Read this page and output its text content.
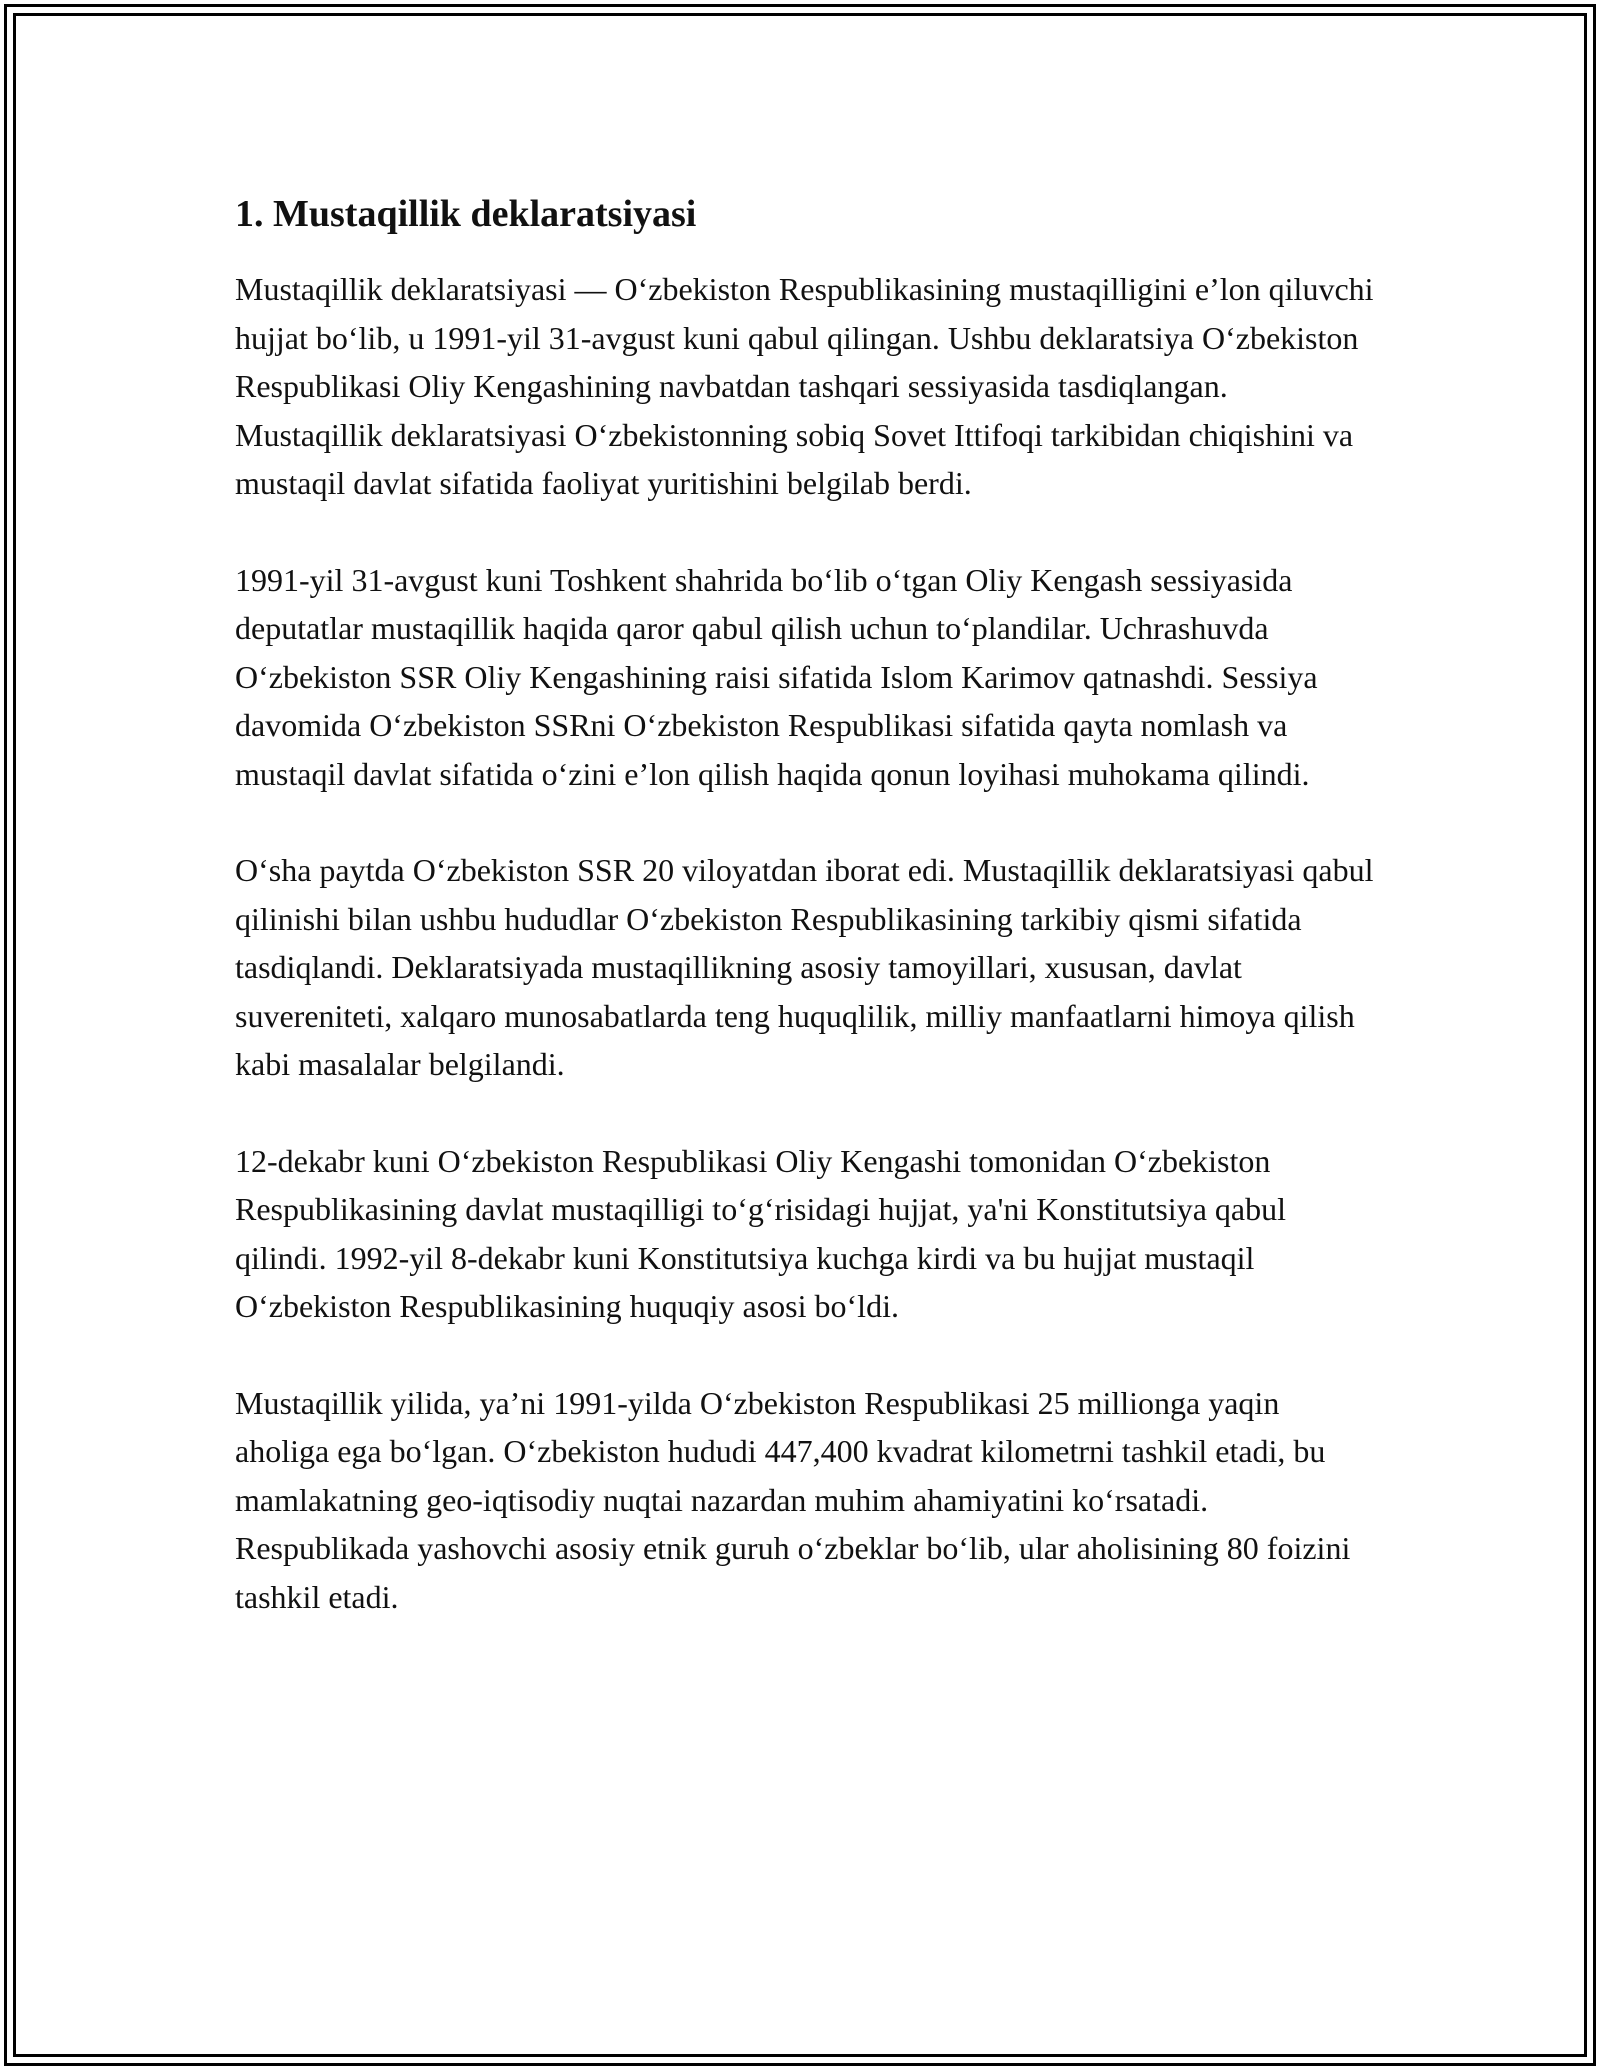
1. Mustaqillik deklaratsiyasi

Mustaqillik deklaratsiyasi — O‘zbekiston Respublikasining mustaqilligini e’lon qiluvchi hujjat bo‘lib, u 1991-yil 31-avgust kuni qabul qilingan. Ushbu deklaratsiya O‘zbekiston Respublikasi Oliy Kengashining navbatdan tashqari sessiyasida tasdiqlangan. Mustaqillik deklaratsiyasi O‘zbekistonning sobiq Sovet Ittifoqi tarkibidan chiqishini va mustaqil davlat sifatida faoliyat yuritishini belgilab berdi.

1991-yil 31-avgust kuni Toshkent shahrida bo‘lib o‘tgan Oliy Kengash sessiyasida deputatlar mustaqillik haqida qaror qabul qilish uchun to‘plandilar. Uchrashuvda O‘zbekiston SSR Oliy Kengashining raisi sifatida Islom Karimov qatnashdi. Sessiya davomida O‘zbekiston SSRni O‘zbekiston Respublikasi sifatida qayta nomlash va mustaqil davlat sifatida o‘zini e’lon qilish haqida qonun loyihasi muhokama qilindi.

O‘sha paytda O‘zbekiston SSR 20 viloyatdan iborat edi. Mustaqillik deklaratsiyasi qabul qilinishi bilan ushbu hududlar O‘zbekiston Respublikasining tarkibiy qismi sifatida tasdiqlandi. Deklaratsiyada mustaqillikning asosiy tamoyillari, xususan, davlat suvereniteti, xalqaro munosabatlarda teng huquqlilik, milliy manfaatlarni himoya qilish kabi masalalar belgilandi.

12-dekabr kuni O‘zbekiston Respublikasi Oliy Kengashi tomonidan O‘zbekiston Respublikasining davlat mustaqilligi to‘g‘risidagi hujjat, ya'ni Konstitutsiya qabul qilindi. 1992-yil 8-dekabr kuni Konstitutsiya kuchga kirdi va bu hujjat mustaqil O‘zbekiston Respublikasining huquqiy asosi bo‘ldi.

Mustaqillik yilida, ya’ni 1991-yilda O‘zbekiston Respublikasi 25 millionga yaqin aholiga ega bo‘lgan. O‘zbekiston hududi 447,400 kvadrat kilometrni tashkil etadi, bu mamlakatning geo-iqtisodiy nuqtai nazardan muhim ahamiyatini ko‘rsatadi. Respublikada yashovchi asosiy etnik guruh o‘zbeklar bo‘lib, ular aholisining 80 foizini tashkil etadi.
